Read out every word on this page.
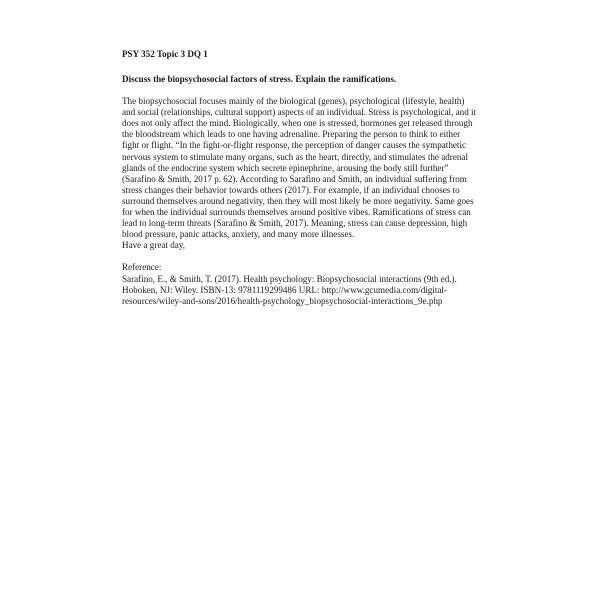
PSY 352 Topic 3 DQ 1
Discuss the biopsychosocial factors of stress. Explain the ramifications.
The biopsychosocial focuses mainly of the biological (genes), psychological (lifestyle, health)
and social (relationships, cultural support) aspects of an individual. Stress is psychological, and it
does not only affect the mind. Biologically, when one is stressed, hormones get released through
the bloodstream which leads to one having adrenaline. Preparing the person to think to either
fight or flight. “In the fight-or-flight response, the perception of danger causes the sympathetic
nervous system to stimulate many organs, such as the heart, directly, and stimulates the adrenal
glands of the endocrine system which secrete epinephrine, arousing the body still further”
(Sarafino & Smith, 2017 p. 62). According to Sarafino and Smith, an individual suffering from
stress changes their behavior towards others (2017). For example, if an individual chooses to
surround themselves around negativity, then they will most likely be more negativity. Same goes
for when the individual surrounds themselves around positive vibes. Ramifications of stress can
lead to long-term threats (Sarafino & Smith, 2017). Meaning, stress can cause depression, high
blood pressure, panic attacks, anxiety, and many more illnesses.
Have a great day,
Reference:
Sarafino, E., & Smith, T. (2017). Health psychology: Biopsychosocial interactions (9th ed.).
Hoboken, NJ: Wiley. ISBN-13: 9781119299486 URL: http://www.gcumedia.com/digital-
resources/wiley-and-sons/2016/health-psychology_biopsychosocial-interactions_9e.php
